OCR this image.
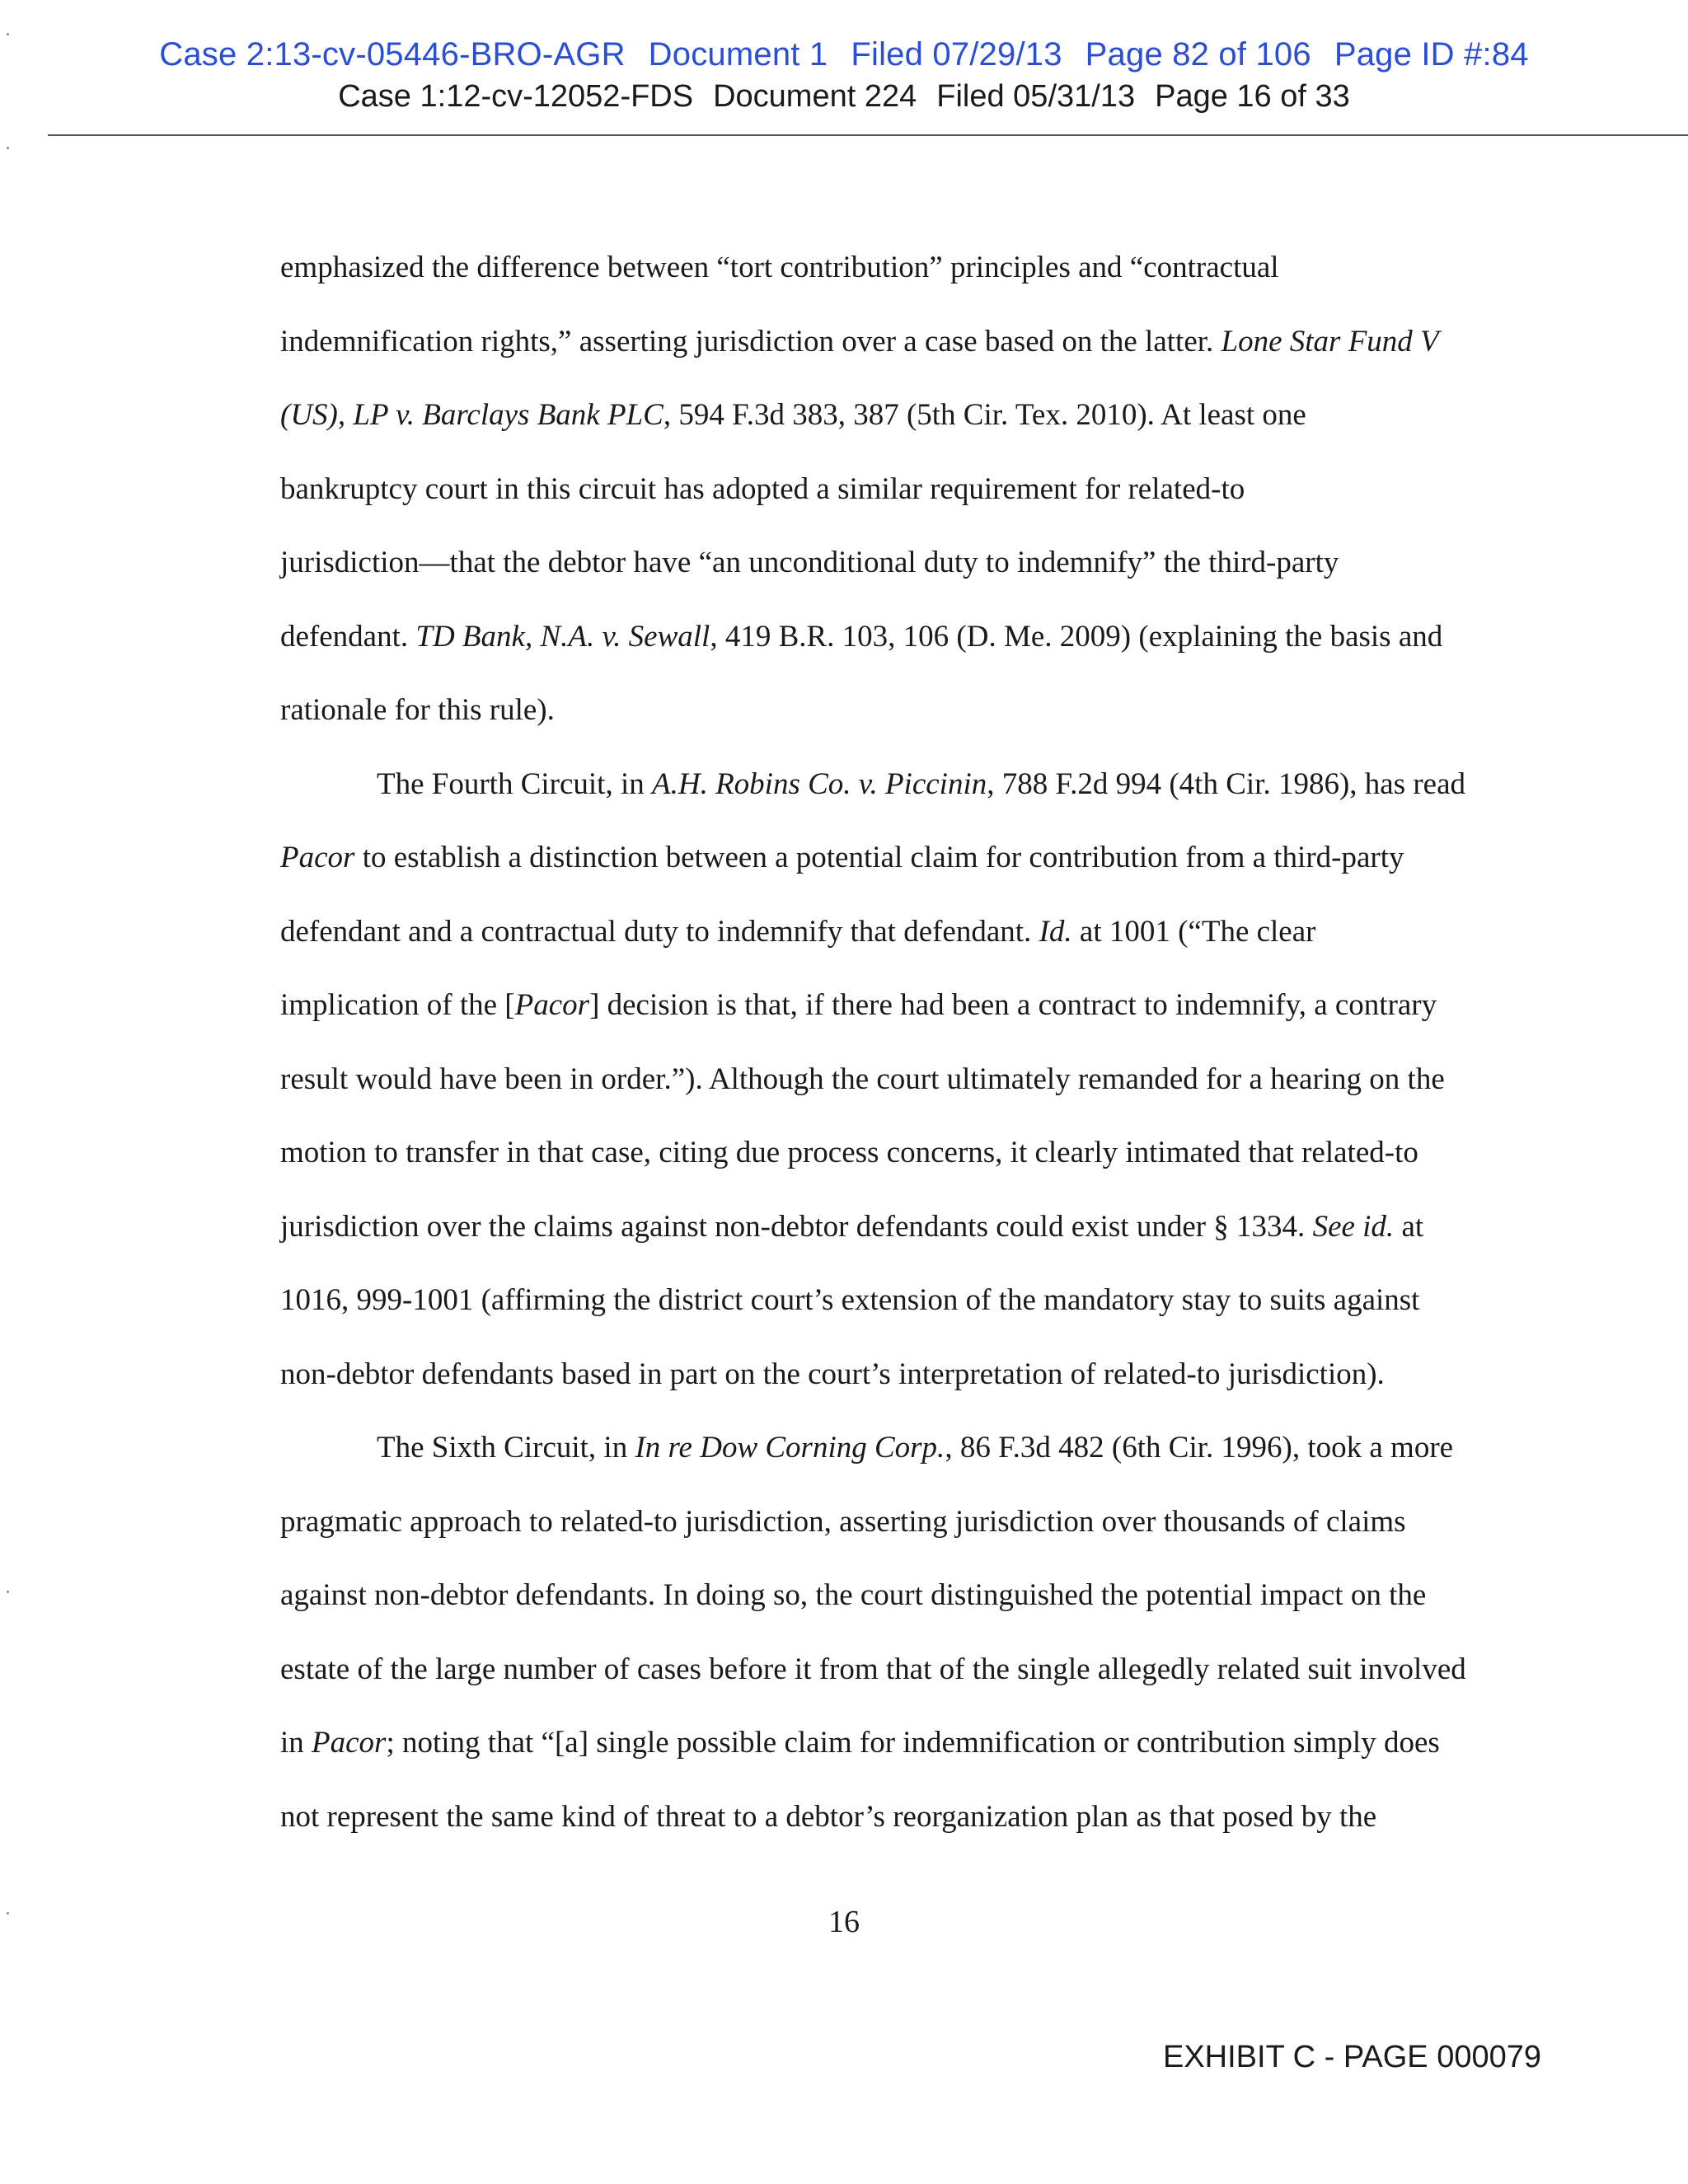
Case 2:13-cv-05446-BRO-AGR Document 1 Filed 07/29/13 Page 82 of 106 Page ID #:84
Case 1:12-cv-12052-FDS Document 224 Filed 05/31/13 Page 16 of 33

emphasized the difference between “tort contribution” principles and “contractual
indemnification rights,” asserting jurisdiction over a case based on the latter. Lone Star Fund V
(US), LP v. Barclays Bank PLC, 594 F.3d 383, 387 (5th Cir. Tex. 2010). At least one
bankruptcy court in this circuit has adopted a similar requirement for related-to
jurisdiction—that the debtor have “an unconditional duty to indemnify” the third-party
defendant. TD Bank, N.A. v. Sewall, 419 B.R. 103, 106 (D. Me. 2009) (explaining the basis and
rationale for this rule).

The Fourth Circuit, in A.H. Robins Co. v. Piccinin, 788 F.2d 994 (4th Cir. 1986), has read
Pacor to establish a distinction between a potential claim for contribution from a third-party
defendant and a contractual duty to indemnify that defendant. Id. at 1001 (“The clear
implication of the [Pacor] decision is that, if there had been a contract to indemnify, a contrary
result would have been in order.”). Although the court ultimately remanded for a hearing on the
motion to transfer in that case, citing due process concerns, it clearly intimated that related-to
jurisdiction over the claims against non-debtor defendants could exist under § 1334. See id. at
1016, 999-1001 (affirming the district court’s extension of the mandatory stay to suits against
non-debtor defendants based in part on the court’s interpretation of related-to jurisdiction).

The Sixth Circuit, in In re Dow Corning Corp., 86 F.3d 482 (6th Cir. 1996), took a more
pragmatic approach to related-to jurisdiction, asserting jurisdiction over thousands of claims
against non-debtor defendants. In doing so, the court distinguished the potential impact on the
estate of the large number of cases before it from that of the single allegedly related suit involved
in Pacor; noting that “[a] single possible claim for indemnification or contribution simply does
not represent the same kind of threat to a debtor’s reorganization plan as that posed by the

16
EXHIBIT C - PAGE 000079
